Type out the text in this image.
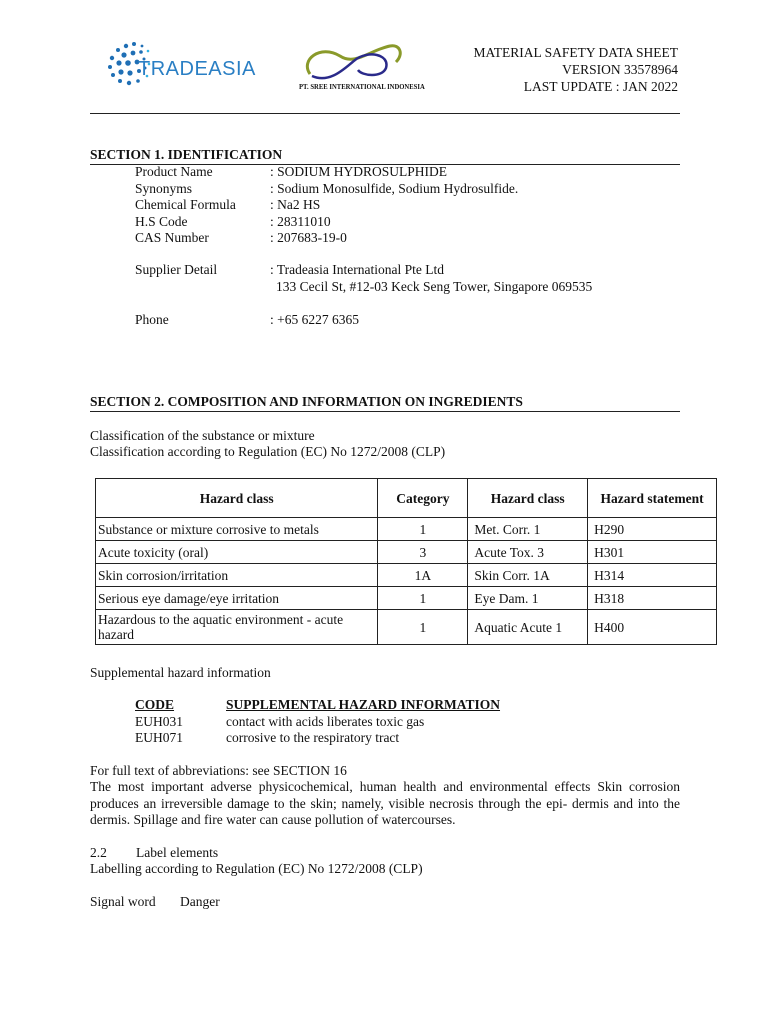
TRADEASIA
PT. SREE INTERNATIONAL INDONESIA
MATERIAL SAFETY DATA SHEET
VERSION 33578964
LAST UPDATE : JAN 2022
SECTION 1. IDENTIFICATION
Product Name	: SODIUM HYDROSULPHIDE
Synonyms	: Sodium Monosulfide, Sodium Hydrosulfide.
Chemical Formula	: Na2 HS
H.S Code	: 28311010
CAS Number	: 207683-19-0
Supplier Detail	: Tradeasia International Pte Ltd
133 Cecil St, #12-03 Keck Seng Tower, Singapore 069535
Phone	: +65 6227 6365
SECTION 2. COMPOSITION AND INFORMATION ON INGREDIENTS
Classification of the substance or mixture
Classification according to Regulation (EC) No 1272/2008 (CLP)
Hazard class	Category	Hazard class	Hazard statement
Substance or mixture corrosive to metals	1	Met. Corr. 1	H290
Acute toxicity (oral)	3	Acute Tox. 3	H301
Skin corrosion/irritation	1A	Skin Corr. 1A	H314
Serious eye damage/eye irritation	1	Eye Dam. 1	H318
Hazardous to the aquatic environment - acute hazard	1	Aquatic Acute 1	H400
Supplemental hazard information
CODE	SUPPLEMENTAL HAZARD INFORMATION
EUH031	contact with acids liberates toxic gas
EUH071	corrosive to the respiratory tract
For full text of abbreviations: see SECTION 16
The most important adverse physicochemical, human health and environmental effects Skin corrosion produces an irreversible damage to the skin; namely, visible necrosis through the epi- dermis and into the dermis. Spillage and fire water can cause pollution of watercourses.
2.2 Label elements
Labelling according to Regulation (EC) No 1272/2008 (CLP)
Signal word Danger
